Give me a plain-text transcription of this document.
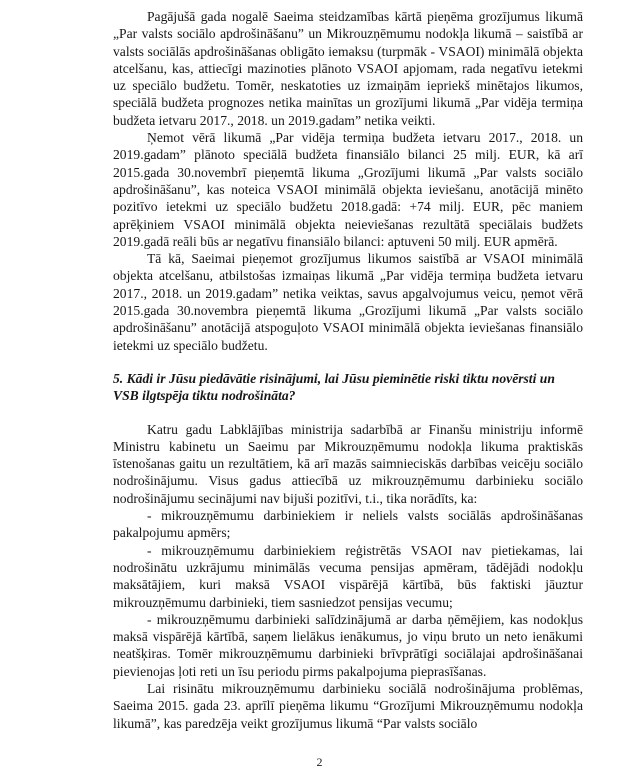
Pagājušā gada nogalē Saeima steidzamības kārtā pieņēma grozījumus likumā „Par valsts sociālo apdrošināšanu” un Mikrouzņēmumu nodokļa likumā – saistībā ar valsts sociālās apdrošināšanas obligāto iemaksu (turpmāk - VSAOI) minimālā objekta atcelšanu, kas, attiecīgi mazinoties plānoto VSAOI apjomam, rada negatīvu ietekmi uz speciālo budžetu. Tomēr, neskatoties uz izmaiņām iepriekš minētajos likumos, speciālā budžeta prognozes netika mainītas un grozījumi likumā „Par vidēja termiņa budžeta ietvaru 2017., 2018. un 2019.gadam” netika veikti.

Ņemot vērā likumā „Par vidēja termiņa budžeta ietvaru 2017., 2018. un 2019.gadam” plānoto speciālā budžeta finansiālo bilanci 25 milj. EUR, kā arī 2015.gada 30.novembrī pieņemtā likuma „Grozījumi likumā „Par valsts sociālo apdrošināšanu”, kas noteica VSAOI minimālā objekta ieviešanu, anotācijā minēto pozitīvo ietekmi uz speciālo budžetu 2018.gadā: +74 milj. EUR, pēc maniem aprēķiniem VSAOI minimālā objekta neieviešanas rezultātā speciālais budžets 2019.gadā reāli būs ar negatīvu finansiālo bilanci: aptuveni 50 milj. EUR apmērā.

Tā kā, Saeimai pieņemot grozījumus likumos saistībā ar VSAOI minimālā objekta atcelšanu, atbilstošas izmaiņas likumā „Par vidēja termiņa budžeta ietvaru 2017., 2018. un 2019.gadam” netika veiktas, savus apgalvojumus veicu, ņemot vērā 2015.gada 30.novembra pieņemtā likuma „Grozījumi likumā „Par valsts sociālo apdrošināšanu” anotācijā atspoguļoto VSAOI minimālā objekta ieviešanas finansiālo ietekmi uz speciālo budžetu.

5. Kādi ir Jūsu piedāvātie risinājumi, lai Jūsu pieminētie riski tiktu novērsti un VSB ilgtspēja tiktu nodrošināta?

Katru gadu Labklājības ministrija sadarbībā ar Finanšu ministriju informē Ministru kabinetu un Saeimu par Mikrouzņēmumu nodokļa likuma praktiskās īstenošanas gaitu un rezultātiem, kā arī mazās saimnieciskās darbības veicēju sociālo nodrošinājumu. Visus gadus attiecībā uz mikrouzņēmumu darbinieku sociālo nodrošinājumu secinājumi nav bijuši pozitīvi, t.i., tika norādīts, ka:

- mikrouzņēmumu darbiniekiem ir neliels valsts sociālās apdrošināšanas pakalpojumu apmērs;

- mikrouzņēmumu darbiniekiem reģistrētās VSAOI nav pietiekamas, lai nodrošinātu uzkrājumu minimālās vecuma pensijas apmēram, tādējādi nodokļu maksātājiem, kuri maksā VSAOI vispārējā kārtībā, būs faktiski jāuztur mikrouzņēmumu darbinieki, tiem sasniedzot pensijas vecumu;

- mikrouzņēmumu darbinieki salīdzinājumā ar darba ņēmējiem, kas nodokļus maksā vispārējā kārtībā, saņem lielākus ienākumus, jo viņu bruto un neto ienākumi neatšķiras. Tomēr mikrouzņēmumu darbinieki brīvprātīgi sociālajai apdrošināšanai pievienojas ļoti reti un īsu periodu pirms pakalpojuma pieprasīšanas.

Lai risinātu mikrouzņēmumu darbinieku sociālā nodrošinājuma problēmas, Saeima 2015. gada 23. aprīlī pieņēma likumu “Grozījumi Mikrouzņēmumu nodokļa likumā”, kas paredzēja veikt grozījumus likumā “Par valsts sociālo

2
